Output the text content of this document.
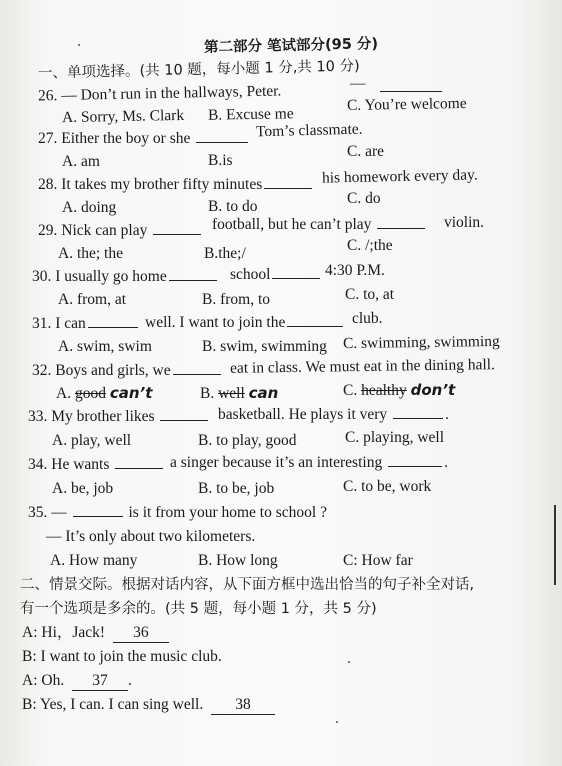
第二部分 笔试部分(95 分)
一、单项选择。(共 10 题，每小题 1 分,共 10 分)
26. — Don’t run in the hallways, Peter.	—
A. Sorry, Ms. Clark B. Excuse me
C. You’re welcome
27. Either the boy or she	Tom’s classmate.
A. am	B.is
C. are
28. It takes my brother fifty minutes	his homework every day.
A. doing	B. to do	C. do
29. Nick can play	football, but he can’t play	violin.
A. the; the	B.the;/	C. /;the
30. I usually go home	school	4:30 P.M.
A. from, at	B. from, to	C. to, at
31. I can	well. I want to join the	club.
A. swim, swim	B. swim, swimming C. swimming, swimming
32. Boys and girls, we	eat in class. We must eat in the dining hall.
A. good can’t	B. well can	C. healthy don’t
33. My brother likes	basketball. He plays it very	.
A. play, well	B. to play, good	C. playing, well
34. He wants	a singer because it’s an interesting	.
A. be, job	B. to be, job	C. to be, work
35. —	is it from your home to school ?
— It’s only about two kilometers.
A. How many	B. How long	C: How far
二、情景交际。根据对话内容，从下面方框中选出恰当的句子补全对话,
有一个选项是多余的。(共 5 题，每小题 1 分，共 5 分)
A: Hi，Jack! 36
B: I want to join the music club.
A: Oh. 37 .
B: Yes, I can. I can sing well. 38
